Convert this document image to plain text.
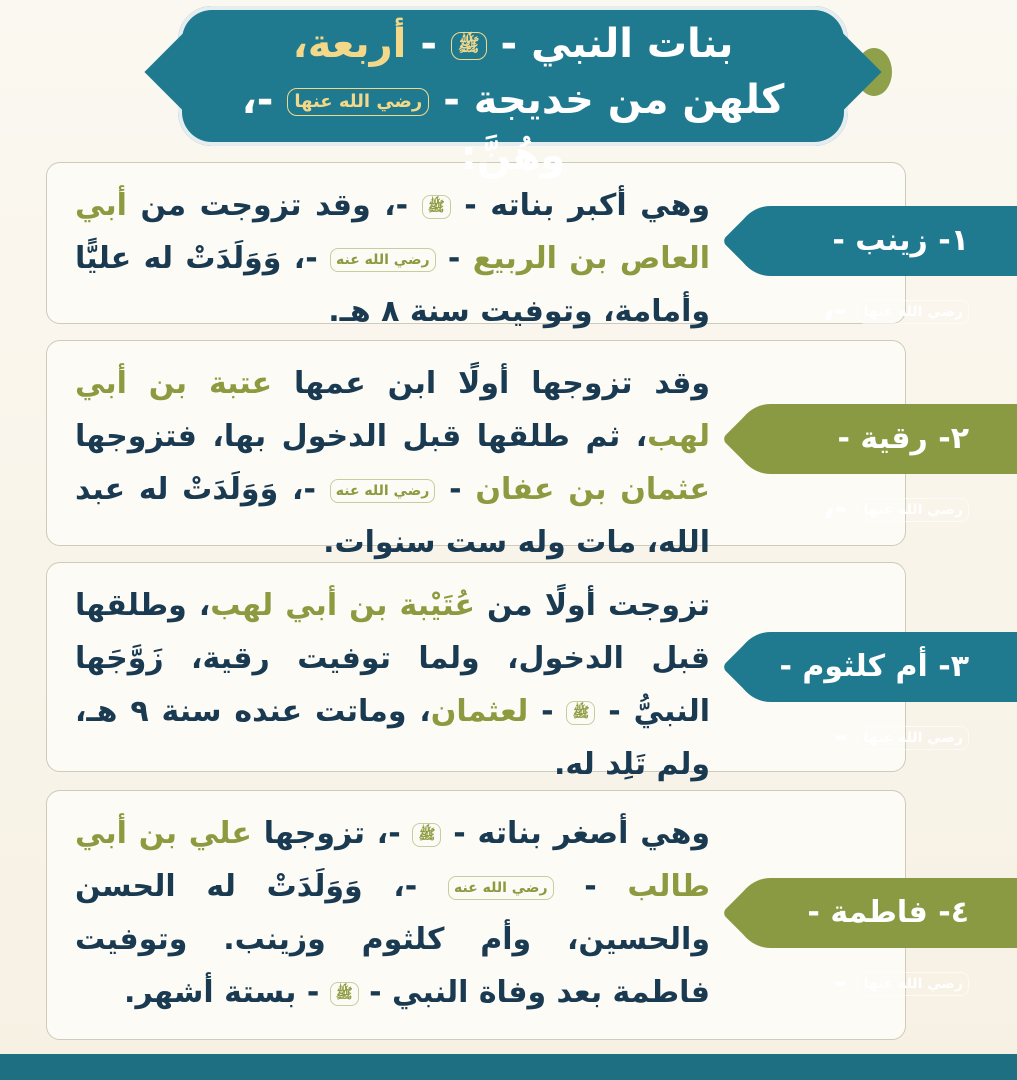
بنات النبي - ﷺ - أربعة،
كلهن من خديجة - رضي الله عنها -، وهُنَّ:
وهي أكبر بناته - ﷺ -، وقد تزوجت من أبي العاص بن الربيع - رضي الله عنه -، وَوَلَدَتْ له عليًّا وأمامة، وتوفيت سنة ٨ هـ.
١- زينب - رضي الله عنها -،
وقد تزوجها أولًا ابن عمها عتبة بن أبي لهب، ثم طلقها قبل الدخول بها، فتزوجها عثمان بن عفان - رضي الله عنه -، وَوَلَدَتْ له عبد الله، مات وله ست سنوات.
٢- رقية - رضي الله عنها -،
تزوجت أولًا من عُتَيْبة بن أبي لهب، وطلقها قبل الدخول، ولما توفيت رقية، زَوَّجَها النبيُّ - ﷺ - لعثمان، وماتت عنده سنة ٩ هـ، ولم تَلِد له.
٣- أم كلثوم - رضي الله عنها -
وهي أصغر بناته - ﷺ -، تزوجها علي بن أبي طالب - رضي الله عنه -، وَوَلَدَتْ له الحسن والحسين، وأم كلثوم وزينب. وتوفيت فاطمة بعد وفاة النبي - ﷺ - بستة أشهر.
٤- فاطمة - رضي الله عنها -
